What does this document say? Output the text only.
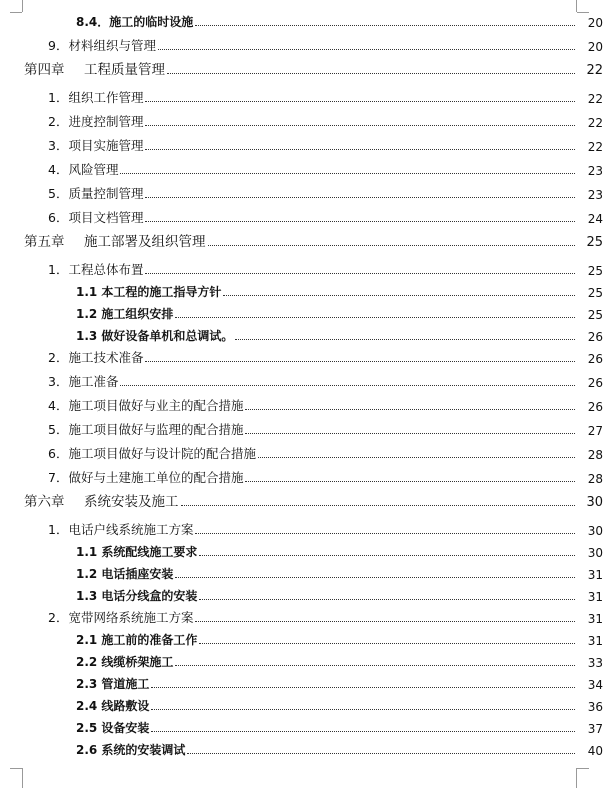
8.4．施工的临时设施	20
9．材料组织与管理	20
第四章 工程质量管理	22
1．组织工作管理	22
2．进度控制管理	22
3．项目实施管理	22
4．风险管理	23
5．质量控制管理	23
6．项目文档管理	24
第五章 施工部署及组织管理	25
1．工程总体布置	25
1.1 本工程的施工指导方针	25
1.2 施工组织安排	25
1.3 做好设备单机和总调试。	26
2．施工技术准备	26
3．施工准备	26
4．施工项目做好与业主的配合措施	26
5．施工项目做好与监理的配合措施	27
6．施工项目做好与设计院的配合措施	28
7．做好与土建施工单位的配合措施	28
第六章 系统安装及施工	30
1．电话户线系统施工方案	30
1.1 系统配线施工要求	30
1.2 电话插座安装	31
1.3 电话分线盒的安装	31
2．宽带网络系统施工方案	31
2.1 施工前的准备工作	31
2.2 线缆桥架施工	33
2.3 管道施工	34
2.4 线路敷设	36
2.5 设备安装	37
2.6 系统的安装调试	40
